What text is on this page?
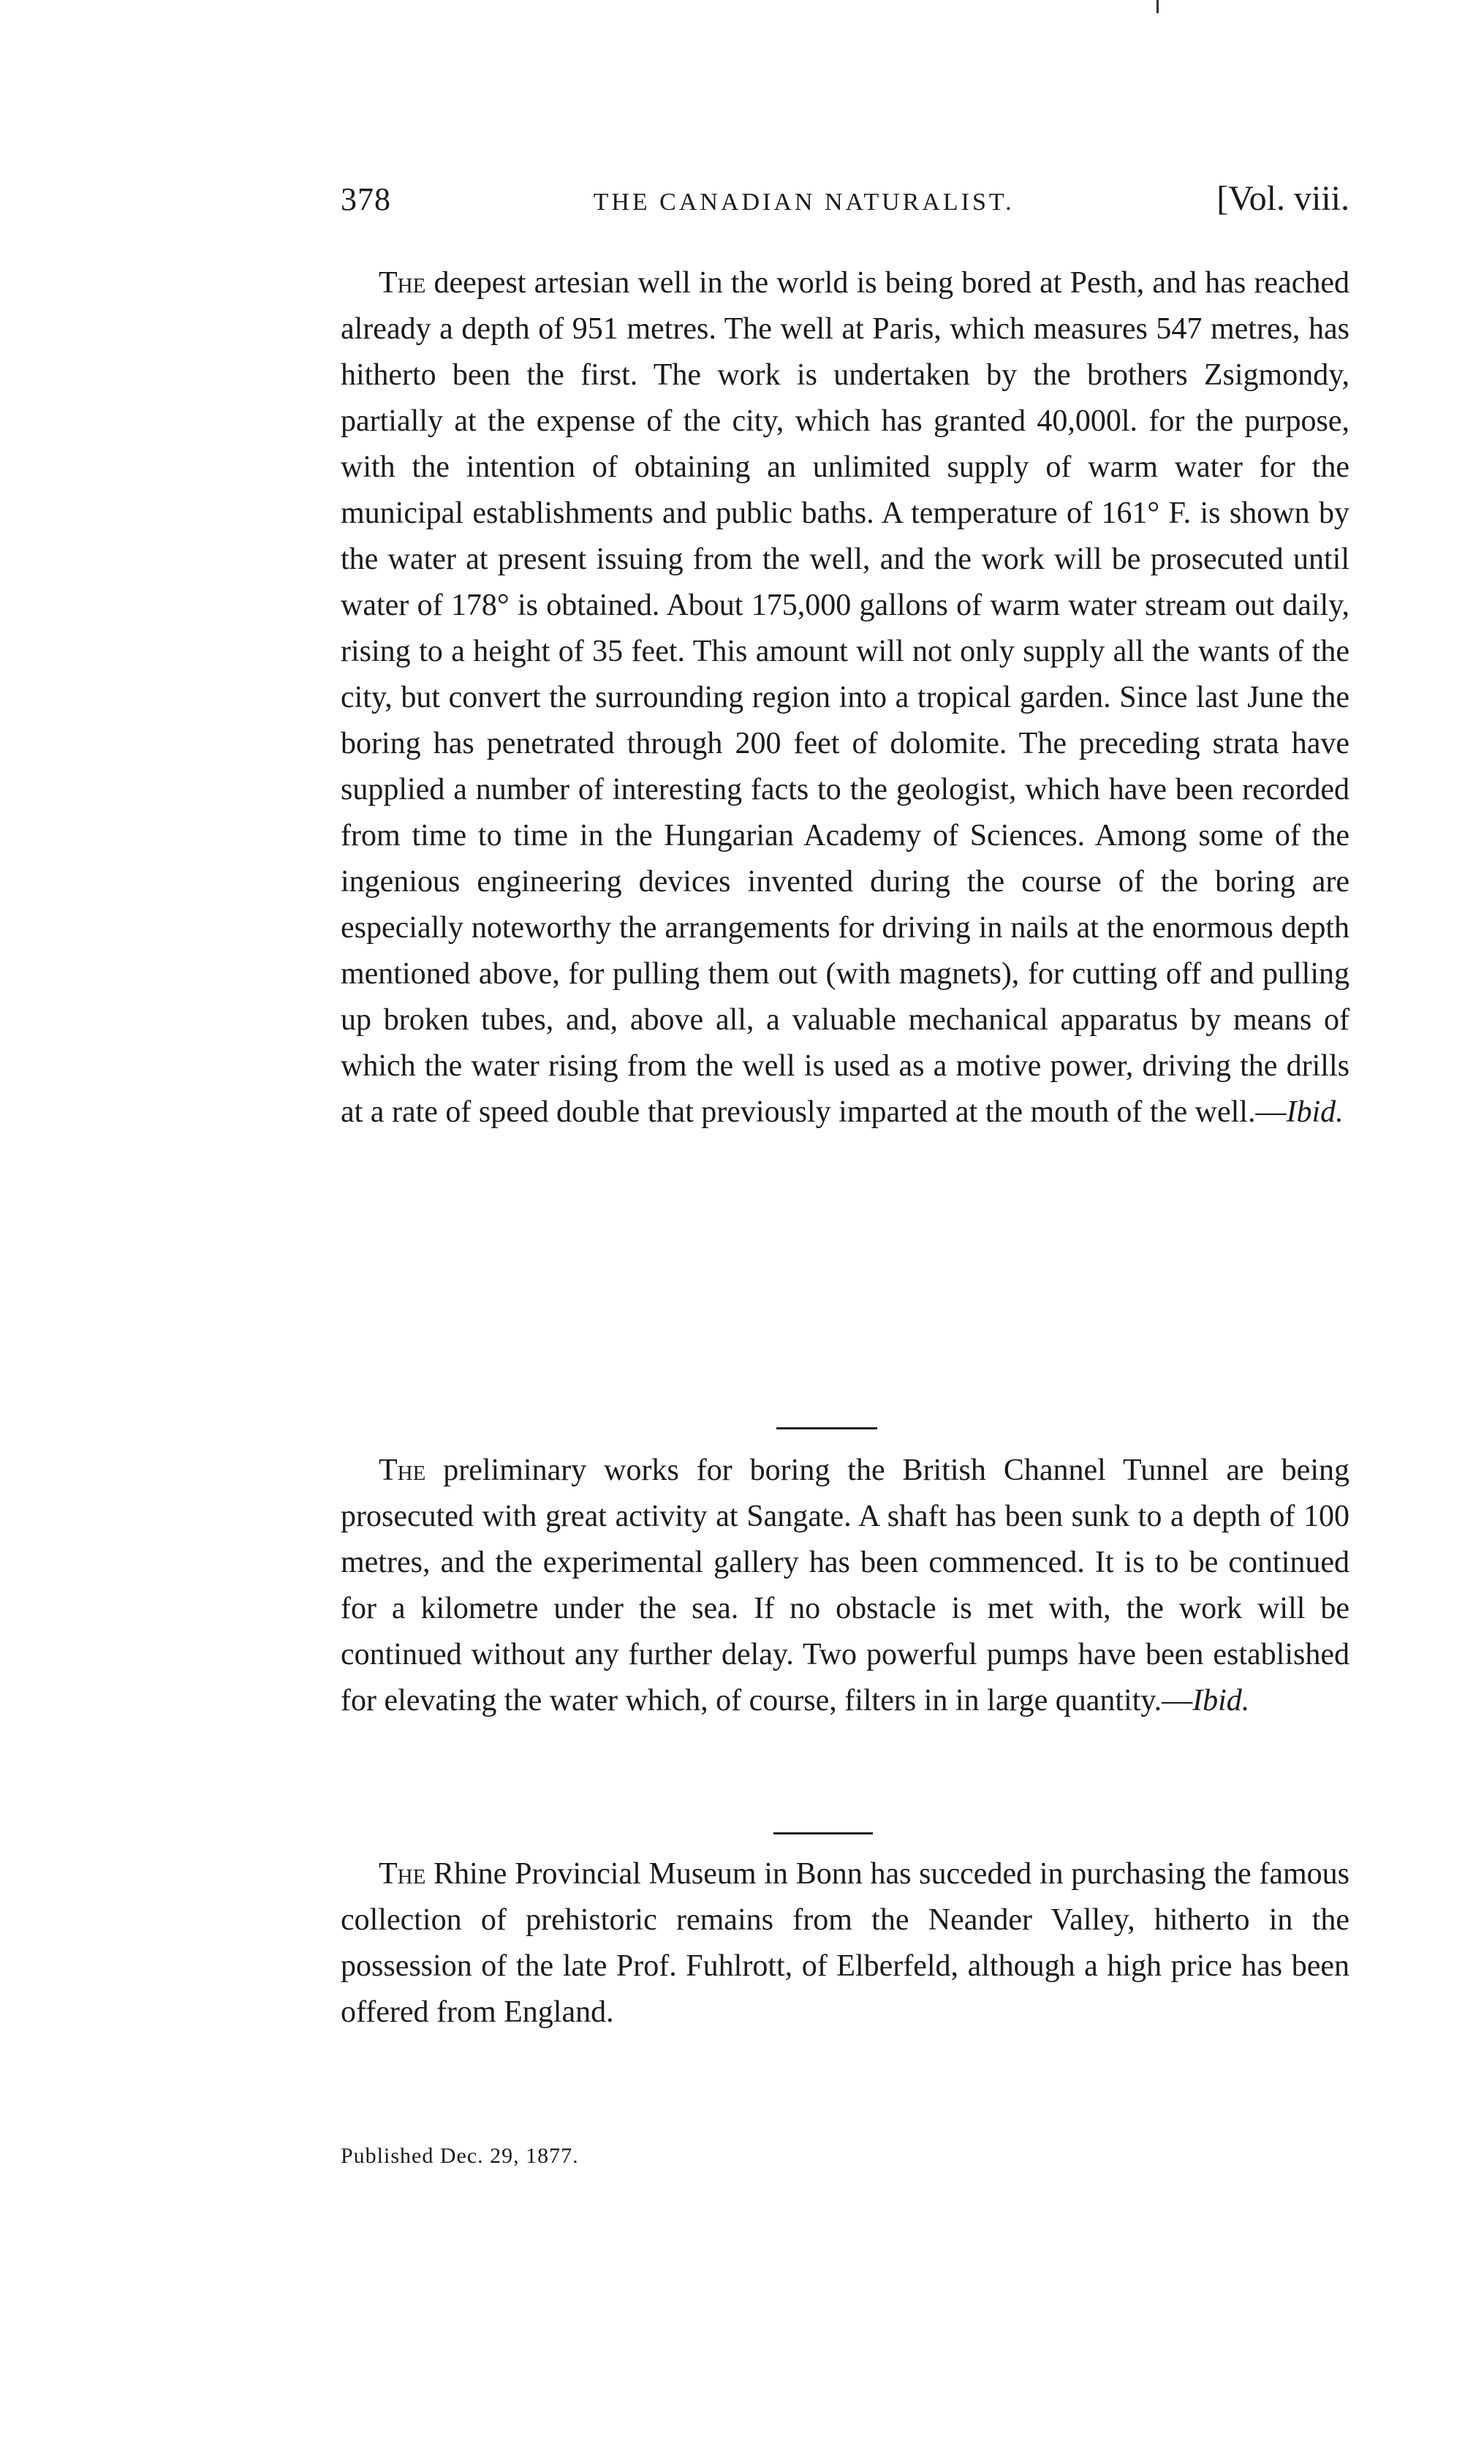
378	THE CANADIAN NATURALIST.	[Vol. viii.

The deepest artesian well in the world is being bored at Pesth, and has reached already a depth of 951 metres. The well at Paris, which measures 547 metres, has hitherto been the first. The work is undertaken by the brothers Zsigmondy, partially at the expense of the city, which has granted 40,000l. for the purpose, with the intention of obtaining an unlimited supply of warm water for the municipal establishments and public baths. A temperature of 161° F. is shown by the water at present issuing from the well, and the work will be prosecuted until water of 178° is obtained. About 175,000 gallons of warm water stream out daily, rising to a height of 35 feet. This amount will not only supply all the wants of the city, but convert the surrounding region into a tropical garden. Since last June the boring has penetrated through 200 feet of dolomite. The preceding strata have supplied a number of interesting facts to the geologist, which have been recorded from time to time in the Hungarian Academy of Sciences. Among some of the ingenious engineering devices invented during the course of the boring are especially noteworthy the arrangements for driving in nails at the enormous depth mentioned above, for pulling them out (with magnets), for cutting off and pulling up broken tubes, and, above all, a valuable mechanical apparatus by means of which the water rising from the well is used as a motive power, driving the drills at a rate of speed double that previously imparted at the mouth of the well.—Ibid.

The preliminary works for boring the British Channel Tunnel are being prosecuted with great activity at Sangate. A shaft has been sunk to a depth of 100 metres, and the experimental gallery has been commenced. It is to be continued for a kilometre under the sea. If no obstacle is met with, the work will be continued without any further delay. Two powerful pumps have been established for elevating the water which, of course, filters in in large quantity.—Ibid.

The Rhine Provincial Museum in Bonn has succeded in purchasing the famous collection of prehistoric remains from the Neander Valley, hitherto in the possession of the late Prof. Fuhlrott, of Elberfeld, although a high price has been offered from England.

Published Dec. 29, 1877.
